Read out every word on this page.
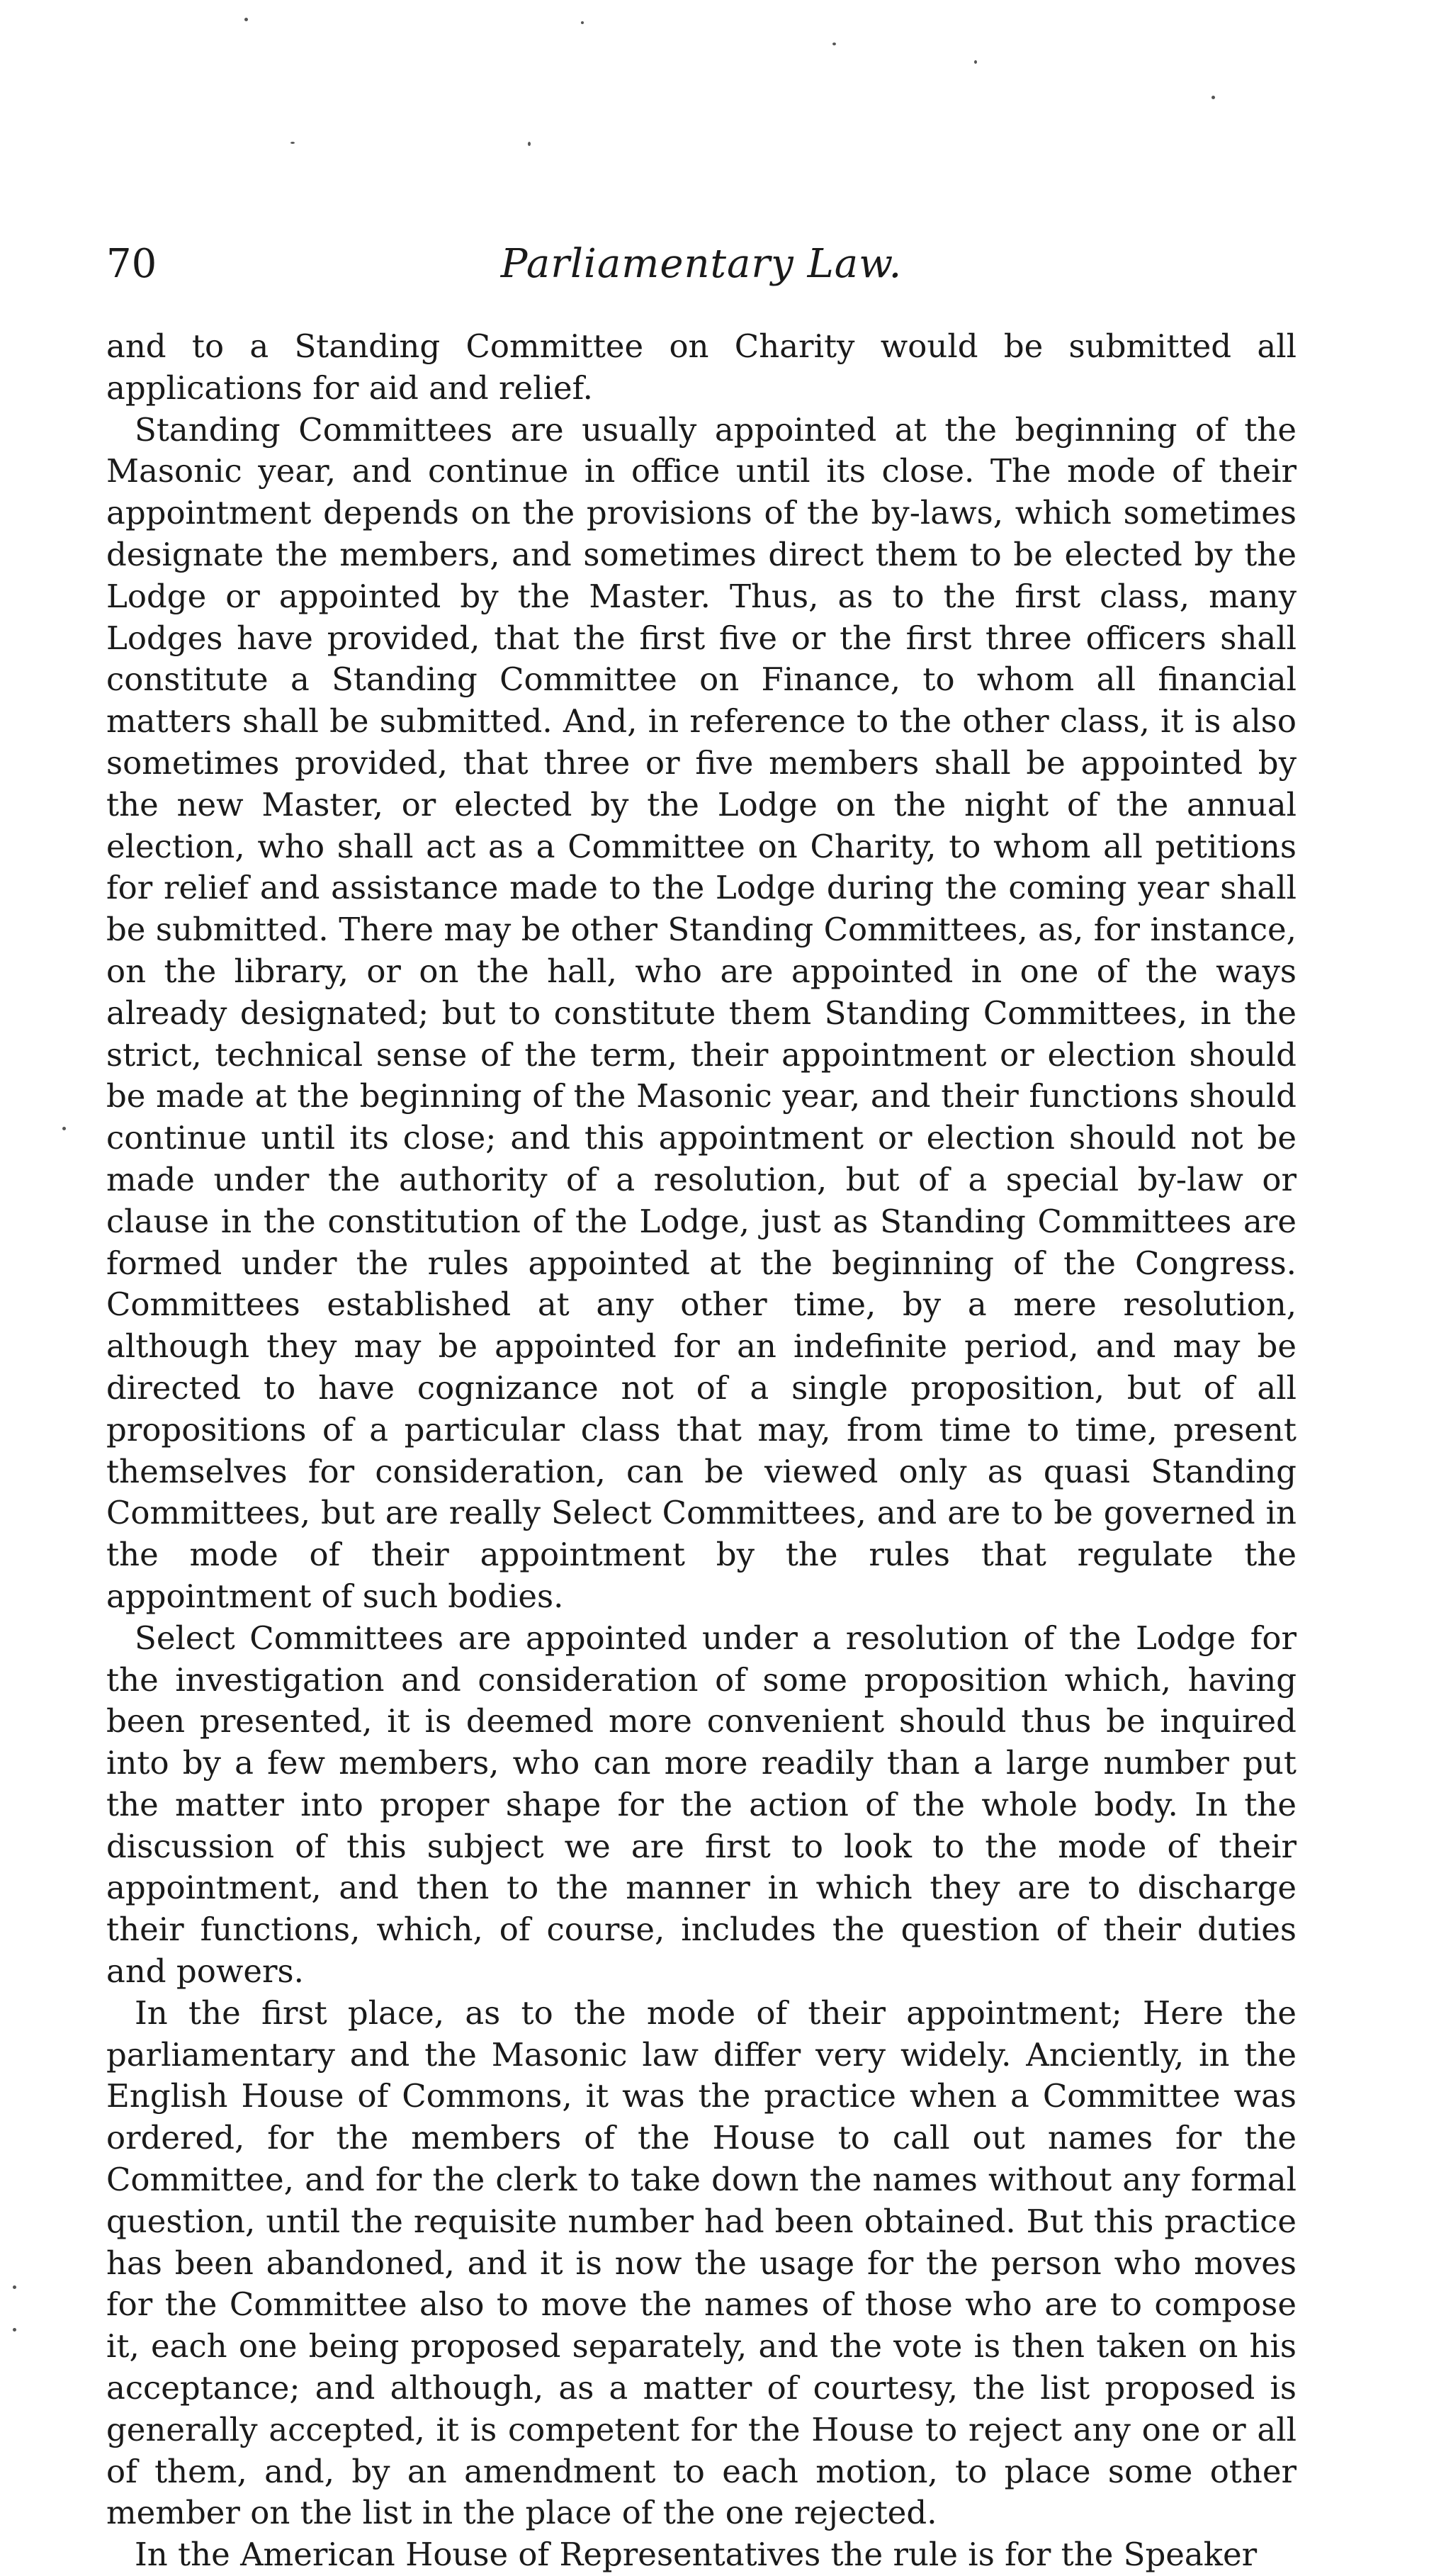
70	Parliamentary Law.

and to a Standing Committee on Charity would be submitted all applications for aid and relief.

Standing Committees are usually appointed at the beginning of the Masonic year, and continue in office until its close. The mode of their appointment depends on the provisions of the by-laws, which sometimes designate the members, and sometimes direct them to be elected by the Lodge or appointed by the Master. Thus, as to the first class, many Lodges have provided, that the first five or the first three officers shall constitute a Standing Committee on Finance, to whom all financial matters shall be submitted. And, in reference to the other class, it is also sometimes provided, that three or five members shall be appointed by the new Master, or elected by the Lodge on the night of the annual election, who shall act as a Committee on Charity, to whom all petitions for relief and assistance made to the Lodge during the coming year shall be submitted. There may be other Standing Committees, as, for instance, on the library, or on the hall, who are appointed in one of the ways already designated; but to constitute them Standing Committees, in the strict, technical sense of the term, their appointment or election should be made at the beginning of the Masonic year, and their functions should continue until its close; and this appointment or election should not be made under the authority of a resolution, but of a special by-law or clause in the constitution of the Lodge, just as Standing Committees are formed under the rules appointed at the beginning of the Congress. Committees established at any other time, by a mere resolution, although they may be appointed for an indefinite period, and may be directed to have cognizance not of a single proposition, but of all propositions of a particular class that may, from time to time, present themselves for consideration, can be viewed only as quasi Standing Committees, but are really Select Committees, and are to be governed in the mode of their appointment by the rules that regulate the appointment of such bodies.

Select Committees are appointed under a resolution of the Lodge for the investigation and consideration of some proposition which, having been presented, it is deemed more convenient should thus be inquired into by a few members, who can more readily than a large number put the matter into proper shape for the action of the whole body. In the discussion of this subject we are first to look to the mode of their appointment, and then to the manner in which they are to discharge their functions, which, of course, includes the question of their duties and powers.

In the first place, as to the mode of their appointment; Here the parliamentary and the Masonic law differ very widely. Anciently, in the English House of Commons, it was the practice when a Committee was ordered, for the members of the House to call out names for the Committee, and for the clerk to take down the names without any formal question, until the requisite number had been obtained. But this practice has been abandoned, and it is now the usage for the person who moves for the Committee also to move the names of those who are to compose it, each one being proposed separately, and the vote is then taken on his acceptance; and although, as a matter of courtesy, the list proposed is generally accepted, it is competent for the House to reject any one or all of them, and, by an amendment to each motion, to place some other member on the list in the place of the one rejected.

In the American House of Representatives the rule is for the Speaker
